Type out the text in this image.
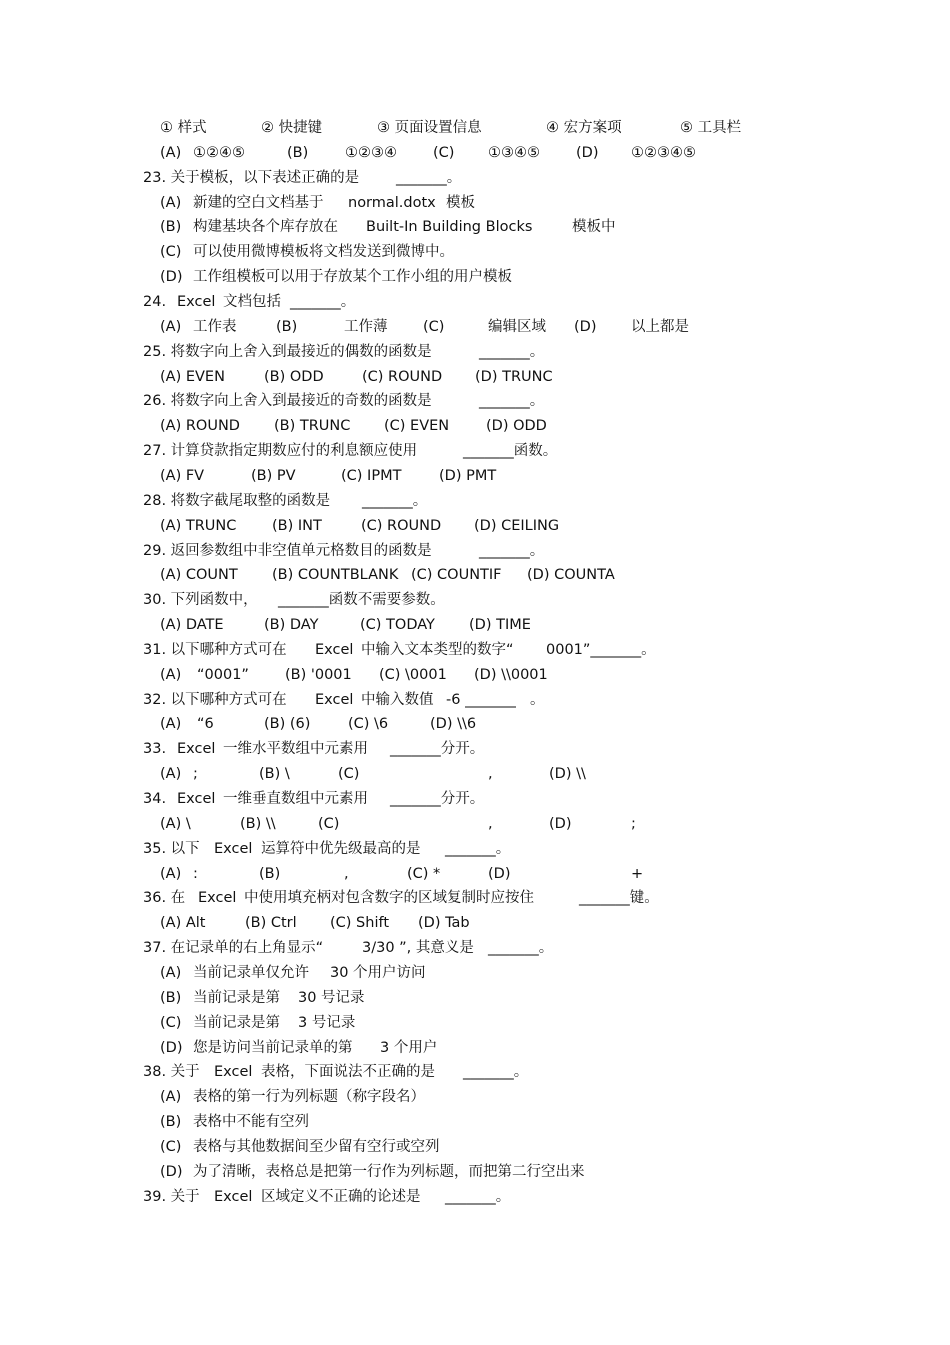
① 样式	② 快捷键	③ 页面设置信息	④ 宏方案项	⑤ 工具栏
(A) ①②④⑤	(B)	①②③④ (C) ①③④⑤ (D) ①②③④⑤
23. 关于模板，以下表述正确的是	_______。
(A) 新建的空白文档基于 normal.dotx 模板
(B) 构建基块各个库存放在 Built-In Building Blocks	模板中
(C) 可以使用微博模板将文档发送到微博中。
(D) 工作组模板可以用于存放某个工作小组的用户模板
24. Excel 文档包括 _______。
(A) 工作表	(B)	工作薄 (C)	编辑区域 (D) 以上都是
25. 将数字向上舍入到最接近的偶数的函数是	_______。
(A) EVEN	(B) ODD	(C) ROUND (D) TRUNC
26. 将数字向上舍入到最接近的奇数的函数是	_______。
(A) ROUND (B) TRUNC (C) EVEN	(D) ODD
27. 计算贷款指定期数应付的利息额应使用	_______函数。
(A) FV	(B) PV	(C) IPMT	(D) PMT
28. 将数字截尾取整的函数是 _______。
(A) TRUNC (B) INT	(C) ROUND (D) CEILING
29. 返回参数组中非空值单元格数目的函数是	_______。
(A) COUNT (B) COUNTBLANK (C) COUNTIF (D) COUNTA
30. 下列函数中， _______函数不需要参数。
(A) DATE	(B) DAY	(C) TODAY (D) TIME
31. 以下哪种方式可在 Excel 中输入文本类型的数字“ 0001”_______。
(A) “0001” (B) '0001 (C) \0001 (D) \\0001
32. 以下哪种方式可在 Excel 中输入数值 -6 _______ 。
(A) “6	(B) (6)	(C) \6	(D) \\6
33. Excel 一维水平数组中元素用 _______分开。
(A) ;	(B) \	(C)	,	(D) \\
34. Excel 一维垂直数组中元素用 _______分开。
(A) \	(B) \\	(C)	,	(D)	;
35. 以下 Excel 运算符中优先级最高的是 _______。
(A) :	(B)	,	(C) *	(D)	+
36. 在 Excel 中使用填充柄对包含数字的区域复制时应按住	_______键。
(A) Alt	(B) Ctrl (C) Shift (D) Tab
37. 在记录单的右上角显示“	3/30 ”, 其意义是 _______。
(A) 当前记录单仅允许 30 个用户访问
(B) 当前记录是第 30 号记录
(C) 当前记录是第 3 号记录
(D) 您是访问当前记录单的第 3 个用户
38. 关于 Excel 表格，下面说法不正确的是 _______。
(A) 表格的第一行为列标题（称字段名）
(B) 表格中不能有空列
(C) 表格与其他数据间至少留有空行或空列
(D) 为了清晰，表格总是把第一行作为列标题，而把第二行空出来
39. 关于 Excel 区域定义不正确的论述是 _______。
